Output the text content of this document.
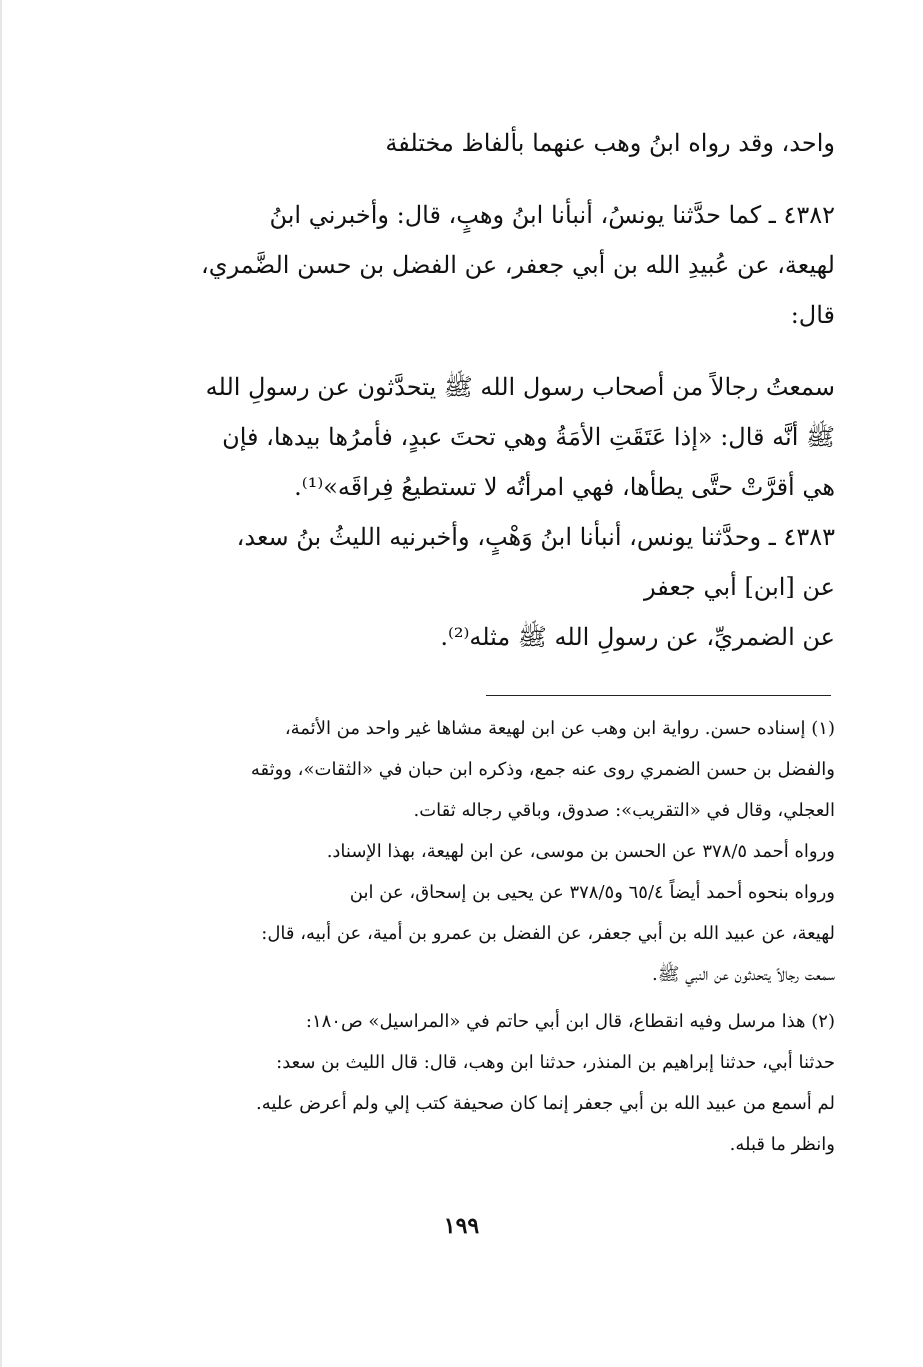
واحد، وقد رواه ابنُ وهب عنهما بألفاظ مختلفة
٤٣٨٢ ـ كما حدَّثنا يونسُ، أنبأنا ابنُ وهبٍ، قال: وأخبرني ابنُ
لهيعة، عن عُبيدِ الله بن أبي جعفر، عن الفضل بن حسن الضَّمري،
قال:
سمعتُ رجالاً من أصحاب رسول الله ﷺ يتحدَّثون عن رسولِ الله
ﷺ أنَّه قال: «إذا عَتَقَتِ الأمَةُ وهي تحتَ عبدٍ، فأمرُها بيدها، فإن
هي أقرَّتْ حتَّى يطأها، فهي امرأتُه لا تستطيعُ فِراقَه»⁽¹⁾.
٤٣٨٣ ـ وحدَّثنا يونس، أنبأنا ابنُ وَهْبٍ، وأخبرنيه الليثُ بنُ سعد،
عن [ابن] أبي جعفر
عن الضمريِّ، عن رسولِ الله ﷺ مثله⁽²⁾.
(١) إسناده حسن. رواية ابن وهب عن ابن لهيعة مشاها غير واحد من الأئمة،
والفضل بن حسن الضمري روى عنه جمع، وذكره ابن حبان في «الثقات»، ووثقه
العجلي، وقال في «التقريب»: صدوق، وباقي رجاله ثقات.
ورواه أحمد ٣٧٨/٥ عن الحسن بن موسى، عن ابن لهيعة، بهذا الإسناد.
ورواه بنحوه أحمد أيضاً ٦٥/٤ و٣٧٨/٥ عن يحيى بن إسحاق، عن ابن
لهيعة، عن عبيد الله بن أبي جعفر، عن الفضل بن عمرو بن أمية، عن أبيه، قال:
سمعت رجالاً يتحدثون عن النبي ﷺ.
(٢) هذا مرسل وفيه انقطاع، قال ابن أبي حاتم في «المراسيل» ص١٨٠:
حدثنا أبي، حدثنا إبراهيم بن المنذر، حدثنا ابن وهب، قال: قال الليث بن سعد:
لم أسمع من عبيد الله بن أبي جعفر إنما كان صحيفة كتب إلي ولم أعرض عليه.
وانظر ما قبله.
١٩٩
